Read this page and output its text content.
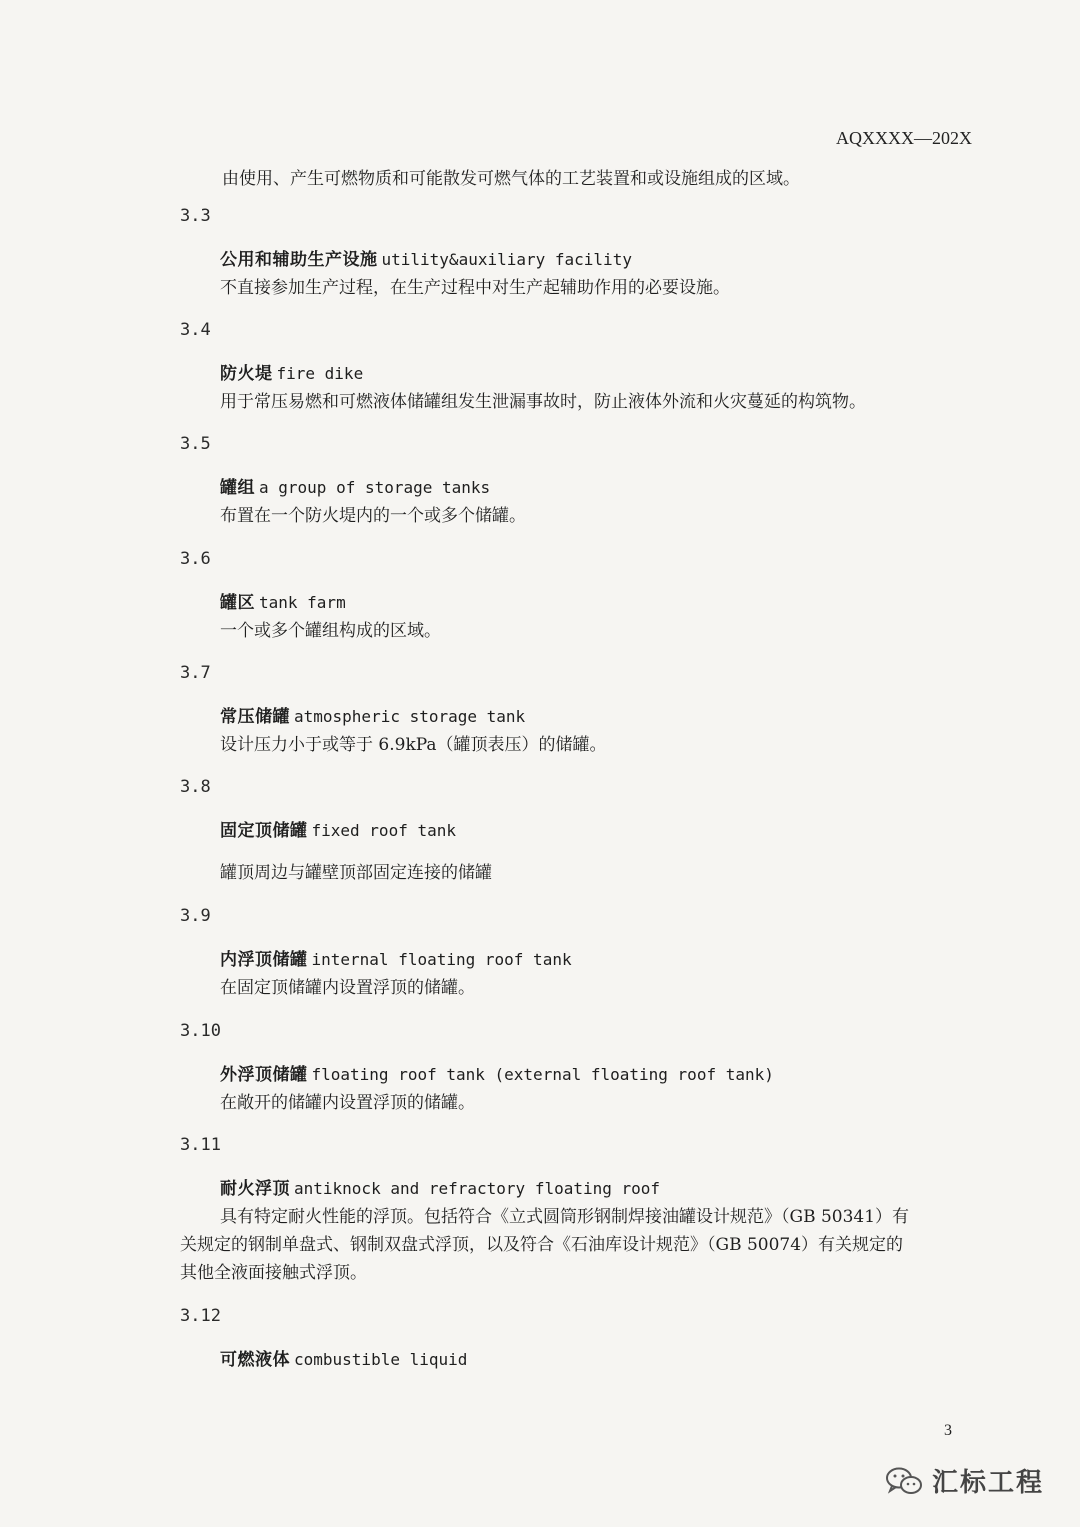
AQXXXX—202X
由使用、产生可燃物质和可能散发可燃气体的工艺装置和或设施组成的区域。
3.3
公用和辅助生产设施 utility&auxiliary facility
不直接参加生产过程，在生产过程中对生产起辅助作用的必要设施。
3.4
防火堤 fire dike
用于常压易燃和可燃液体储罐组发生泄漏事故时，防止液体外流和火灾蔓延的构筑物。
3.5
罐组 a group of storage tanks
布置在一个防火堤内的一个或多个储罐。
3.6
罐区 tank farm
一个或多个罐组构成的区域。
3.7
常压储罐 atmospheric storage tank
设计压力小于或等于 6.9kPa（罐顶表压）的储罐。
3.8
固定顶储罐 fixed roof tank
罐顶周边与罐壁顶部固定连接的储罐
3.9
内浮顶储罐 internal floating roof tank
在固定顶储罐内设置浮顶的储罐。
3.10
外浮顶储罐 floating roof tank (external floating roof tank)
在敞开的储罐内设置浮顶的储罐。
3.11
耐火浮顶 antiknock and refractory floating roof
具有特定耐火性能的浮顶。包括符合《立式圆筒形钢制焊接油罐设计规范》（GB 50341）有
关规定的钢制单盘式、钢制双盘式浮顶，以及符合《石油库设计规范》（GB 50074）有关规定的
其他全液面接触式浮顶。
3.12
可燃液体 combustible liquid
3
汇标工程
